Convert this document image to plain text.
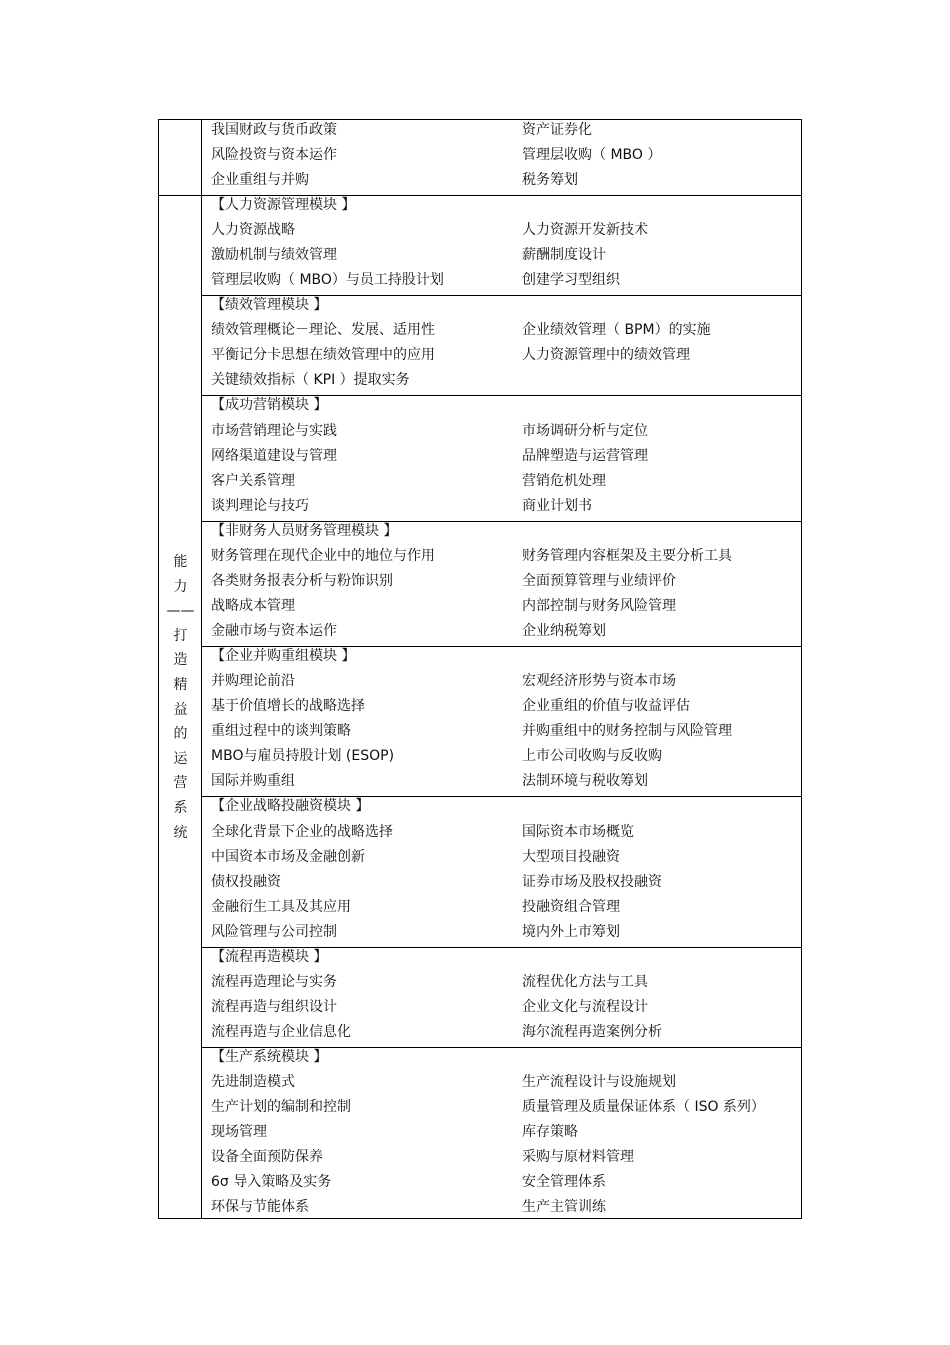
我国财政与货币政策	资产证券化
风险投资与资本运作	管理层收购（ MBO ）
企业重组与并购	税务筹划
【人力资源管理模块 】
人力资源战略	人力资源开发新技术
激励机制与绩效管理	薪酬制度设计
管理层收购（ MBO）与员工持股计划	创建学习型组织
【绩效管理模块 】
绩效管理概论－理论、发展、适用性	企业绩效管理（ BPM）的实施
平衡记分卡思想在绩效管理中的应用	人力资源管理中的绩效管理
关键绩效指标（ KPI ）提取实务
【成功营销模块 】
市场营销理论与实践	市场调研分析与定位
网络渠道建设与管理	品牌塑造与运营管理
客户关系管理	营销危机处理
谈判理论与技巧	商业计划书
【非财务人员财务管理模块 】
财务管理在现代企业中的地位与作用	财务管理内容框架及主要分析工具
各类财务报表分析与粉饰识别	全面预算管理与业绩评价
战略成本管理	内部控制与财务风险管理
金融市场与资本运作	企业纳税筹划
【企业并购重组模块 】
并购理论前沿	宏观经济形势与资本市场
基于价值增长的战略选择	企业重组的价值与收益评估
重组过程中的谈判策略	并购重组中的财务控制与风险管理
MBO与雇员持股计划 (ESOP)	上市公司收购与反收购
国际并购重组	法制环境与税收筹划
【企业战略投融资模块 】
全球化背景下企业的战略选择	国际资本市场概览
中国资本市场及金融创新	大型项目投融资
债权投融资	证券市场及股权投融资
金融衍生工具及其应用	投融资组合管理
风险管理与公司控制	境内外上市筹划
【流程再造模块 】
流程再造理论与实务	流程优化方法与工具
流程再造与组织设计	企业文化与流程设计
流程再造与企业信息化	海尔流程再造案例分析
【生产系统模块 】
先进制造模式	生产流程设计与设施规划
生产计划的编制和控制	质量管理及质量保证体系（ ISO 系列）
现场管理	库存策略
设备全面预防保养	采购与原材料管理
6σ 导入策略及实务	安全管理体系
环保与节能体系	生产主管训练
能
力
——
打
造
精
益
的
运
营
系
统
